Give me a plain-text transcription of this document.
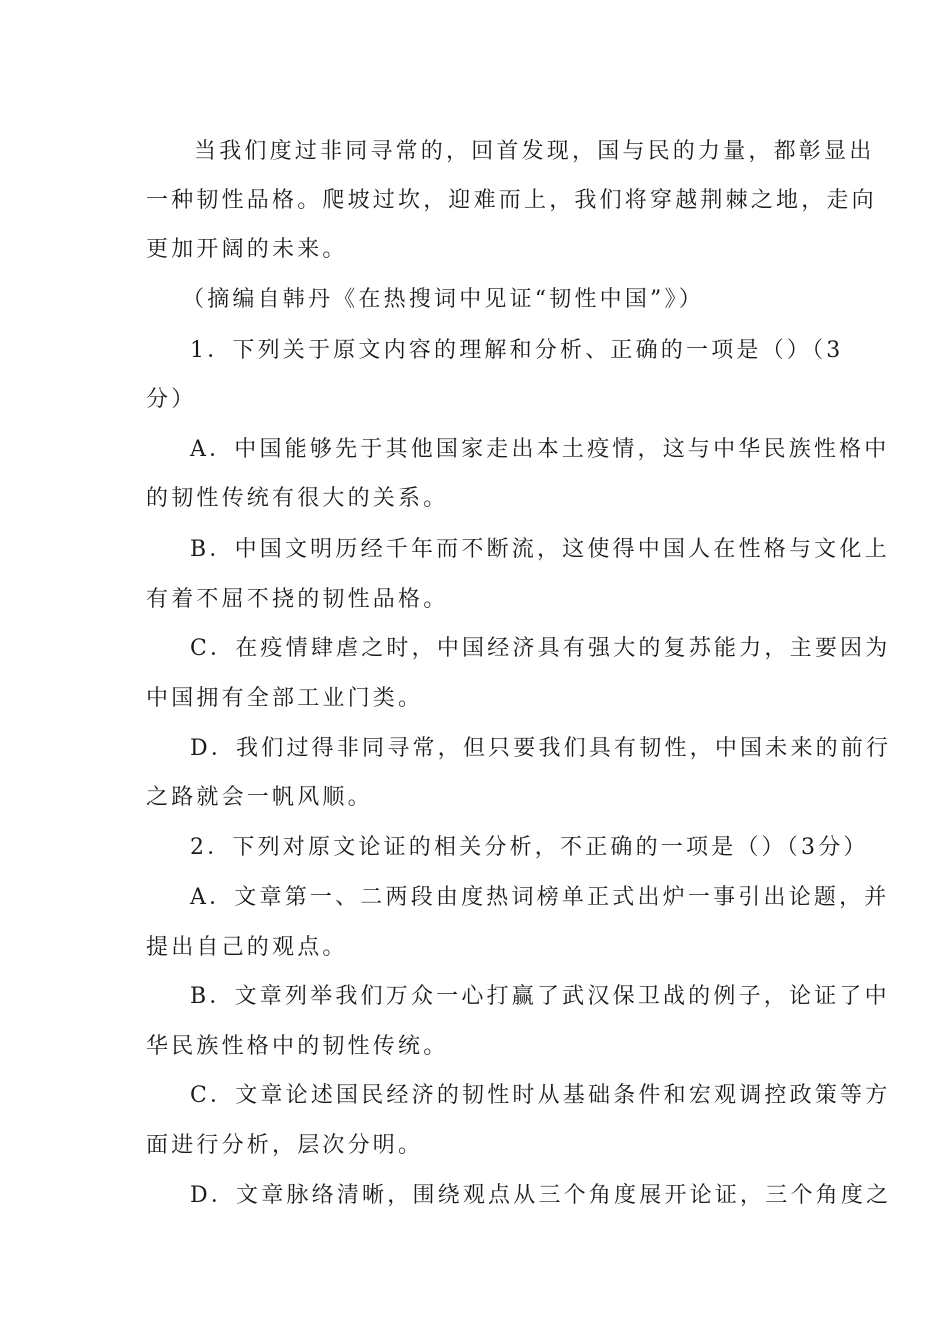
当我们度过非同寻常的，回首发现，国与民的力量，都彰显出
一种韧性品格。爬坡过坎，迎难而上，我们将穿越荆棘之地，走向
更加开阔的未来。
（摘编自韩丹《在热搜词中见证“韧性中国”》）
1．下列关于原文内容的理解和分析、正确的一项是（）（3
分）
A．中国能够先于其他国家走出本土疫情，这与中华民族性格中
的韧性传统有很大的关系。
B．中国文明历经千年而不断流，这使得中国人在性格与文化上
有着不屈不挠的韧性品格。
C．在疫情肆虐之时，中国经济具有强大的复苏能力，主要因为
中国拥有全部工业门类。
D．我们过得非同寻常，但只要我们具有韧性，中国未来的前行
之路就会一帆风顺。
2．下列对原文论证的相关分析，不正确的一项是（）（3分）
A．文章第一、二两段由度热词榜单正式出炉一事引出论题，并
提出自己的观点。
B．文章列举我们万众一心打赢了武汉保卫战的例子，论证了中
华民族性格中的韧性传统。
C．文章论述国民经济的韧性时从基础条件和宏观调控政策等方
面进行分析，层次分明。
D．文章脉络清晰，围绕观点从三个角度展开论证，三个角度之
